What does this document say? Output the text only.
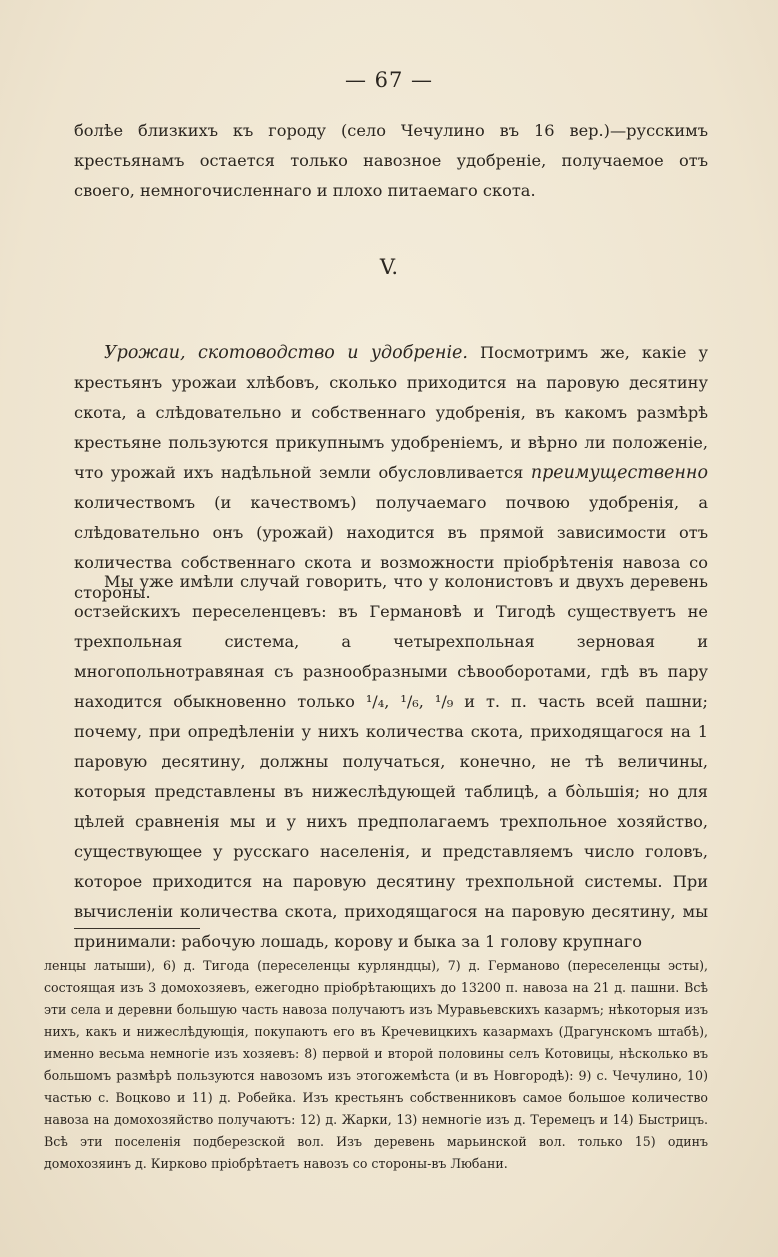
— 67 —

болѣе близкихъ къ городу (село Чечулино въ 16 вер.)—русскимъ крестьянамъ остается только навозное удобреніе, получаемое отъ своего, немногочисленнаго и плохо питаемаго скота.

V.

Урожаи, скотоводство и удобреніе. Посмотримъ же, какіе у крестьянъ урожаи хлѣбовъ, сколько приходится на паровую десятину скота, а слѣдовательно и собственнаго удобренія, въ какомъ размѣрѣ крестьяне пользуются прикупнымъ удобреніемъ, и вѣрно ли положеніе, что урожай ихъ надѣльной земли обусловливается преимущественно количествомъ (и качествомъ) получаемаго почвою удобренія, а слѣдовательно онъ (урожай) находится въ прямой зависимости отъ количества собственнаго скота и возможности пріобрѣтенія навоза со стороны.

Мы уже имѣли случай говорить, что у колонистовъ и двухъ деревень остзейскихъ переселенцевъ: въ Германовѣ и Тигодѣ существуетъ не трехпольная система, а четырехпольная зерновая и многопольнотравяная съ разнообразными сѣвооборотами, гдѣ въ пару находится обыкновенно только ¹/₄, ¹/₆, ¹/₉ и т. п. часть всей пашни; почему, при опредѣленіи у нихъ количества скота, приходящагося на 1 паровую десятину, должны получаться, конечно, не тѣ величины, которыя представлены въ нижеслѣдующей таблицѣ, а бо̀льшія; но для цѣлей сравненія мы и у нихъ предполагаемъ трехпольное хозяйство, существующее у русскаго населенія, и представляемъ число головъ, которое приходится на паровую десятину трехпольной системы. При вычисленіи количества скота, приходящагося на паровую десятину, мы принимали: рабочую лошадь, корову и быка за 1 голову крупнаго

ленцы латыши), 6) д. Тигода (переселенцы курляндцы), 7) д. Германово (переселенцы эсты), состоящая изъ 3 домохозяевъ, ежегодно пріобрѣтающихъ до 13200 п. навоза на 21 д. пашни. Всѣ эти села и деревни большую часть навоза получаютъ изъ Муравьевскихъ казармъ; нѣкоторыя изъ нихъ, какъ и нижеслѣдующія, покупаютъ его въ Кречевицкихъ казармахъ (Драгунскомъ штабѣ), именно весьма немногіе изъ хозяевъ: 8) первой и второй половины селъ Котовицы, нѣсколько въ большомъ размѣрѣ пользуются навозомъ изъ этогожемѣста (и въ Новгородѣ): 9) с. Чечулино, 10) частью с. Воцково и 11) д. Робейка. Изъ крестьянъ собственниковъ самое большое количество навоза на домохозяйство получаютъ: 12) д. Жарки, 13) немногіе изъ д. Теремецъ и 14) Быстрицъ. Всѣ эти поселенія подберезской вол. Изъ деревень марьинской вол. только 15) одинъ домохозяинъ д. Кирково пріобрѣтаетъ навозъ со стороны-въ Любани.
